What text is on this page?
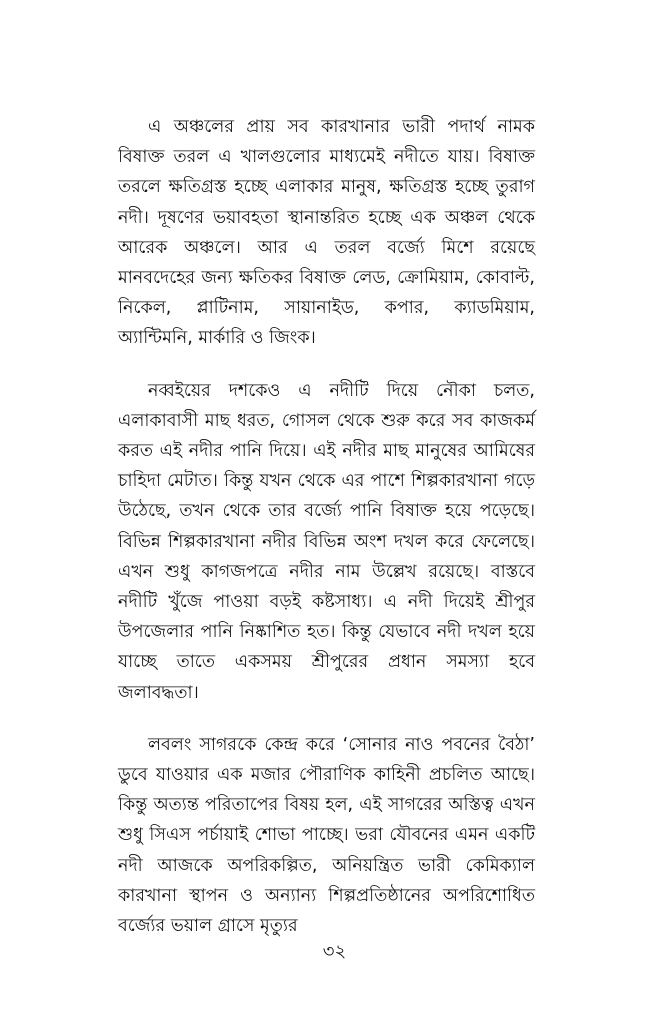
এ অঞ্চলের প্রায় সব কারখানার ভারী পদার্থ নামক বিষাক্ত তরল এ খালগুলোর মাধ্যমেই নদীতে যায়। বিষাক্ত তরলে ক্ষতিগ্রস্ত হচ্ছে এলাকার মানুষ, ক্ষতিগ্রস্ত হচ্ছে তুরাগ নদী। দূষণের ভয়াবহতা স্থানান্তরিত হচ্ছে এক অঞ্চল থেকে আরেক অঞ্চলে। আর এ তরল বর্জ্যে মিশে রয়েছে মানবদেহের জন্য ক্ষতিকর বিষাক্ত লেড, ক্রোমিয়াম, কোবাল্ট, নিকেল, প্লাটিনাম, সায়ানাইড, কপার, ক্যাডমিয়াম, অ্যান্টিমনি, মার্কারি ও জিংক।

নব্বইয়ের দশকেও এ নদীটি দিয়ে নৌকা চলত, এলাকাবাসী মাছ ধরত, গোসল থেকে শুরু করে সব কাজকর্ম করত এই নদীর পানি দিয়ে। এই নদীর মাছ মানুষের আমিষের চাহিদা মেটাত। কিন্তু যখন থেকে এর পাশে শিল্পকারখানা গড়ে উঠেছে, তখন থেকে তার বর্জ্যে পানি বিষাক্ত হয়ে পড়েছে। বিভিন্ন শিল্পকারখানা নদীর বিভিন্ন অংশ দখল করে ফেলেছে। এখন শুধু কাগজপত্রে নদীর নাম উল্লেখ রয়েছে। বাস্তবে নদীটি খুঁজে পাওয়া বড়ই কষ্টসাধ্য। এ নদী দিয়েই শ্রীপুর উপজেলার পানি নিষ্কাশিত হত। কিন্তু যেভাবে নদী দখল হয়ে যাচ্ছে তাতে একসময় শ্রীপুরের প্রধান সমস্যা হবে জলাবদ্ধতা।

লবলং সাগরকে কেন্দ্র করে ‘সোনার নাও পবনের বৈঠা’ ডুবে যাওয়ার এক মজার পৌরাণিক কাহিনী প্রচলিত আছে। কিন্তু অত্যন্ত পরিতাপের বিষয় হল, এই সাগরের অস্তিত্ব এখন শুধু সিএস পর্চায়াই শোভা পাচ্ছে। ভরা যৌবনের এমন একটি নদী আজকে অপরিকল্পিত, অনিয়ন্ত্রিত ভারী কেমিক্যাল কারখানা স্থাপন ও অন্যান্য শিল্পপ্রতিষ্ঠানের অপরিশোধিত বর্জ্যের ভয়াল গ্রাসে মৃত্যুর

৩২
